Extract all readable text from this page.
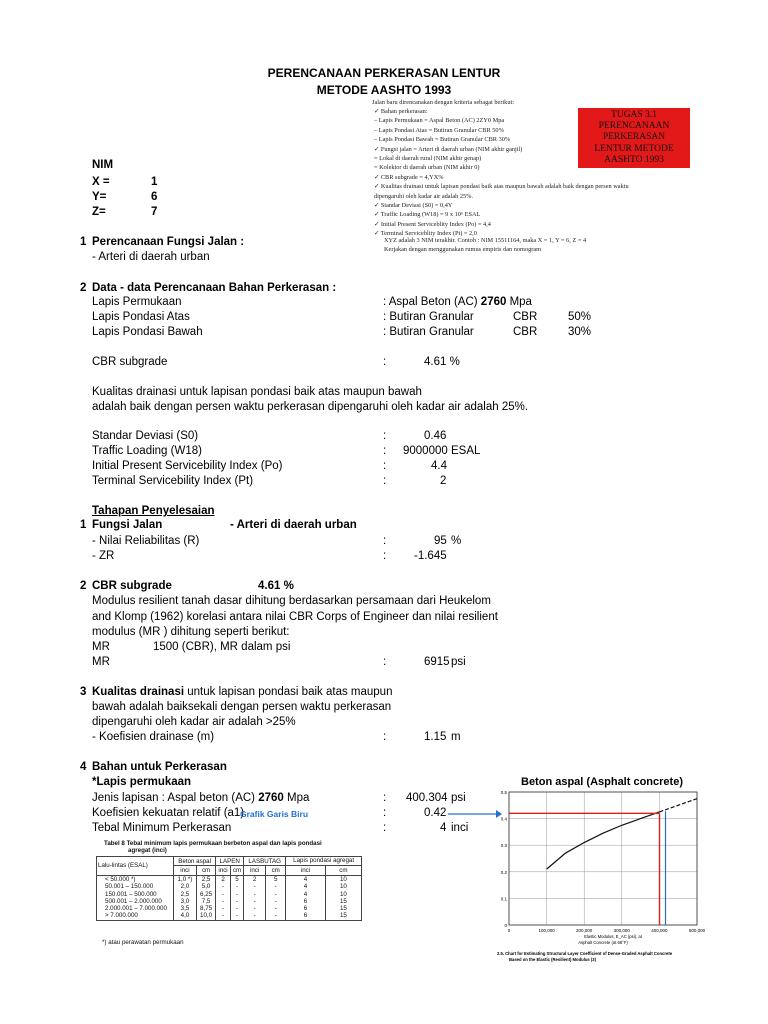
PERENCANAAN PERKERASAN LENTUR
METODE AASHTO 1993
Jalan baru direncanakan dengan kriteria sebagai berikut:
✓ Bahan perkerasan:
– Lapis Permukaan = Aspal Beton (AC) 2ZY0 Mpa
– Lapis Pondasi Atas = Butiran Granular CBR 50%
– Lapis Pondasi Bawah = Butiran Granular CBR 30%
✓ Fungsi jalan = Arteri di daerah urban (NIM akhir ganjil)
= Lokal di daerah rural (NIM akhir genap)
= Kolektor di daerah urban (NIM akhir 0)
✓ CBR subgrade = 4,YX%
✓ Kualitas drainasi untuk lapisan pondasi baik atas maupun bawah adalah baik dengan persen waktu
dipengaruhi oleh kadar air adalah 25%.
✓ Standar Deviasi (S0) = 0,4Y
✓ Traffic Loading (W18) = 9 x 10⁶ ESAL
✓ Initial Present Serviceblity Index (Po) = 4,4
✓ Terminal Serviceblity Index (Pt) = 2,0
XYZ adalah 3 NIM terakhir. Contoh : NIM 15511164, maka X = 1, Y = 6, Z = 4
Kerjakan dengan menggunakan rumus empiris dan nomogram
TUGAS 3.1
PERENCANAAN
PERKERASAN
LENTUR METODE
AASHTO 1993
NIM
X =	1
Y=	6
Z=	7
1 Perencanaan Fungsi Jalan :
- Arteri di daerah urban
2 Data - data Perencanaan Bahan Perkerasan :
Lapis Permukaan	: Aspal Beton (AC) 2760 Mpa
Lapis Pondasi Atas	: Butiran Granular	CBR	50%
Lapis Pondasi Bawah	: Butiran Granular	CBR	30%
CBR subgrade	:	4.61 %
Kualitas drainasi untuk lapisan pondasi baik atas maupun bawah
adalah baik dengan persen waktu perkerasan dipengaruhi oleh kadar air adalah 25%.
Standar Deviasi (S0)	:	0.46
Traffic Loading (W18)	: 9000000 ESAL
Initial Present Servicebility Index (Po)	:	4.4
Terminal Servicebility Index (Pt)	:	2
Tahapan Penyelesaian
1 Fungsi Jalan	- Arteri di daerah urban
- Nilai Reliabilitas (R)	:	95 %
- ZR	: -1.645
2 CBR subgrade	4.61 %
Modulus resilient tanah dasar dihitung berdasarkan persamaan dari Heukelom
and Klomp (1962) korelasi antara nilai CBR Corps of Engineer dan nilai resilient
modulus (MR ) dihitung seperti berikut:
MR	1500 (CBR), MR dalam psi
MR	:	6915 psi
3 Kualitas drainasi untuk lapisan pondasi baik atas maupun
bawah adalah baiksekali dengan persen waktu perkerasan
dipengaruhi oleh kadar air adalah >25%
- Koefisien drainase (m)	:	1.15 m
4 Bahan untuk Perkerasan
*Lapis permukaan
Jenis lapisan : Aspal beton (AC) 2760 Mpa	: 400.304 psi
Koefisien kekuatan relatif (a1)
Grafik Garis Biru	:	0.42
Tebal Minimum Perkerasan	:	4 inci
Tabel 8 Tebal minimum lapis permukaan berbeton aspal dan lapis pondasi
agregat (inci)
Lalu-lintas (ESAL)	Beton aspal		LAPEN		LASBUTAG		Lapis pondasi agregat	
	inci	cm	inci	cm	inci	cm	inci	cm
< 50.000 *)	1,0 *)	2,5	2	5	2	5	4	10
50.001 – 150.000	2,0	5,0	-	-	-	-	4	10
150.001 – 500.000	2,5	6,25	-	-	-	-	4	10
500.001 – 2.000.000	3,0	7,5	-	-	-	-	6	15
2.000.001 – 7.000.000	3,5	8,75	-	-	-	-	6	15
> 7.000.000	4,0	10,0	-	-	-	-	6	15
*) atau perawatan permukaan
Beton aspal (Asphalt concrete)
0
0.1
0.2
0.3
0.4
0.5
0	100,000	200,000	300,000	400,000	500,000
Elastic Modulus, E_AC (psi), at
Asphalt Concrete (at 68°F)
2.5. Chart for Estimating Structural Layer Coefficient of Dense-Graded Asphalt Concrete
Based on the Elastic (Resilient) Modulus (3)
